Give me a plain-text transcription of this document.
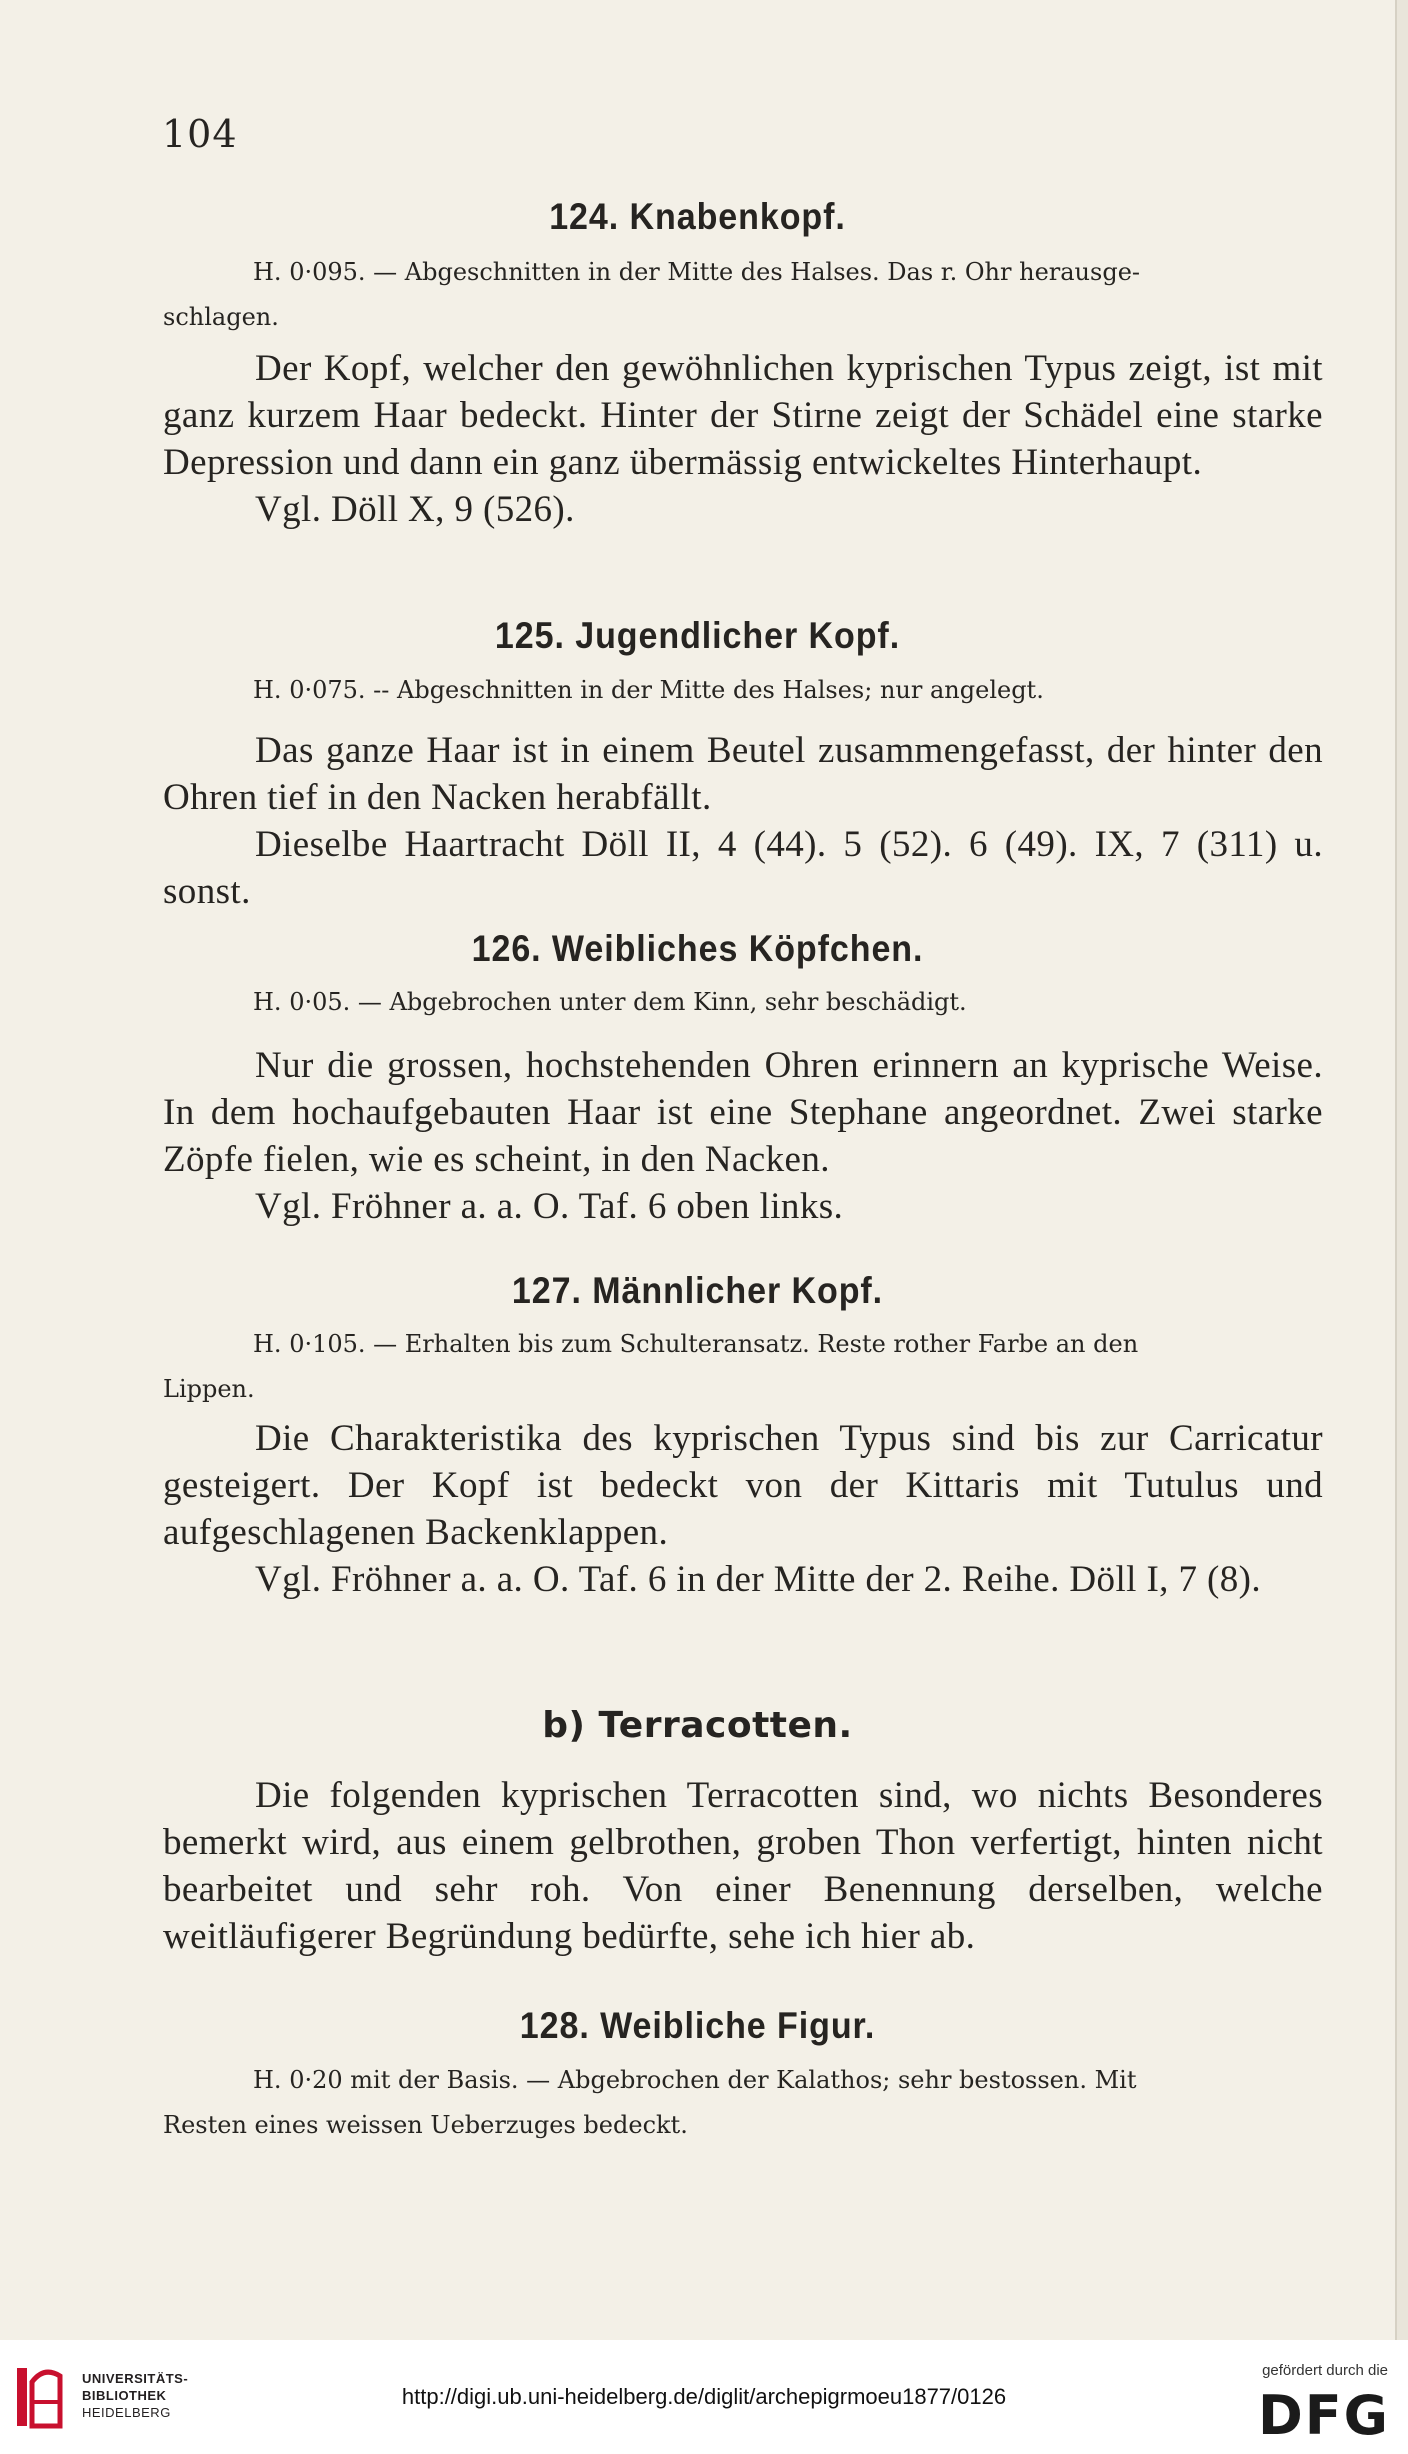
104
124. Knabenkopf.
H. 0·095. — Abgeschnitten in der Mitte des Halses. Das r. Ohr herausge-
schlagen.

Der Kopf, welcher den gewöhnlichen kyprischen Typus zeigt, ist mit ganz kurzem Haar bedeckt. Hinter der Stirne zeigt der Schädel eine starke Depression und dann ein ganz übermässig entwickeltes Hinterhaupt.

Vgl. Döll X, 9 (526).

125. Jugendlicher Kopf.
H. 0·075. -- Abgeschnitten in der Mitte des Halses; nur angelegt.

Das ganze Haar ist in einem Beutel zusammengefasst, der hinter den Ohren tief in den Nacken herabfällt.

Dieselbe Haartracht Döll II, 4 (44). 5 (52). 6 (49). IX, 7 (311) u. sonst.

126. Weibliches Köpfchen.
H. 0·05. — Abgebrochen unter dem Kinn, sehr beschädigt.

Nur die grossen, hochstehenden Ohren erinnern an kyprische Weise. In dem hochaufgebauten Haar ist eine Stephane angeordnet. Zwei starke Zöpfe fielen, wie es scheint, in den Nacken.

Vgl. Fröhner a. a. O. Taf. 6 oben links.

127. Männlicher Kopf.
H. 0·105. — Erhalten bis zum Schulteransatz. Reste rother Farbe an den
Lippen.

Die Charakteristika des kyprischen Typus sind bis zur Carricatur gesteigert. Der Kopf ist bedeckt von der Kittaris mit Tutulus und aufgeschlagenen Backenklappen.

Vgl. Fröhner a. a. O. Taf. 6 in der Mitte der 2. Reihe. Döll I, 7 (8).

b) Terracotten.

Die folgenden kyprischen Terracotten sind, wo nichts Besonderes bemerkt wird, aus einem gelbrothen, groben Thon verfertigt, hinten nicht bearbeitet und sehr roh. Von einer Benennung derselben, welche weitläufigerer Begründung bedürfte, sehe ich hier ab.

128. Weibliche Figur.
H. 0·20 mit der Basis. — Abgebrochen der Kalathos; sehr bestossen. Mit
Resten eines weissen Ueberzuges bedeckt.
UNIVERSITÄTS-
BIBLIOTHEK
HEIDELBERG
http://digi.ub.uni-heidelberg.de/diglit/archepigrmoeu1877/0126
gefördert durch die
DFG
